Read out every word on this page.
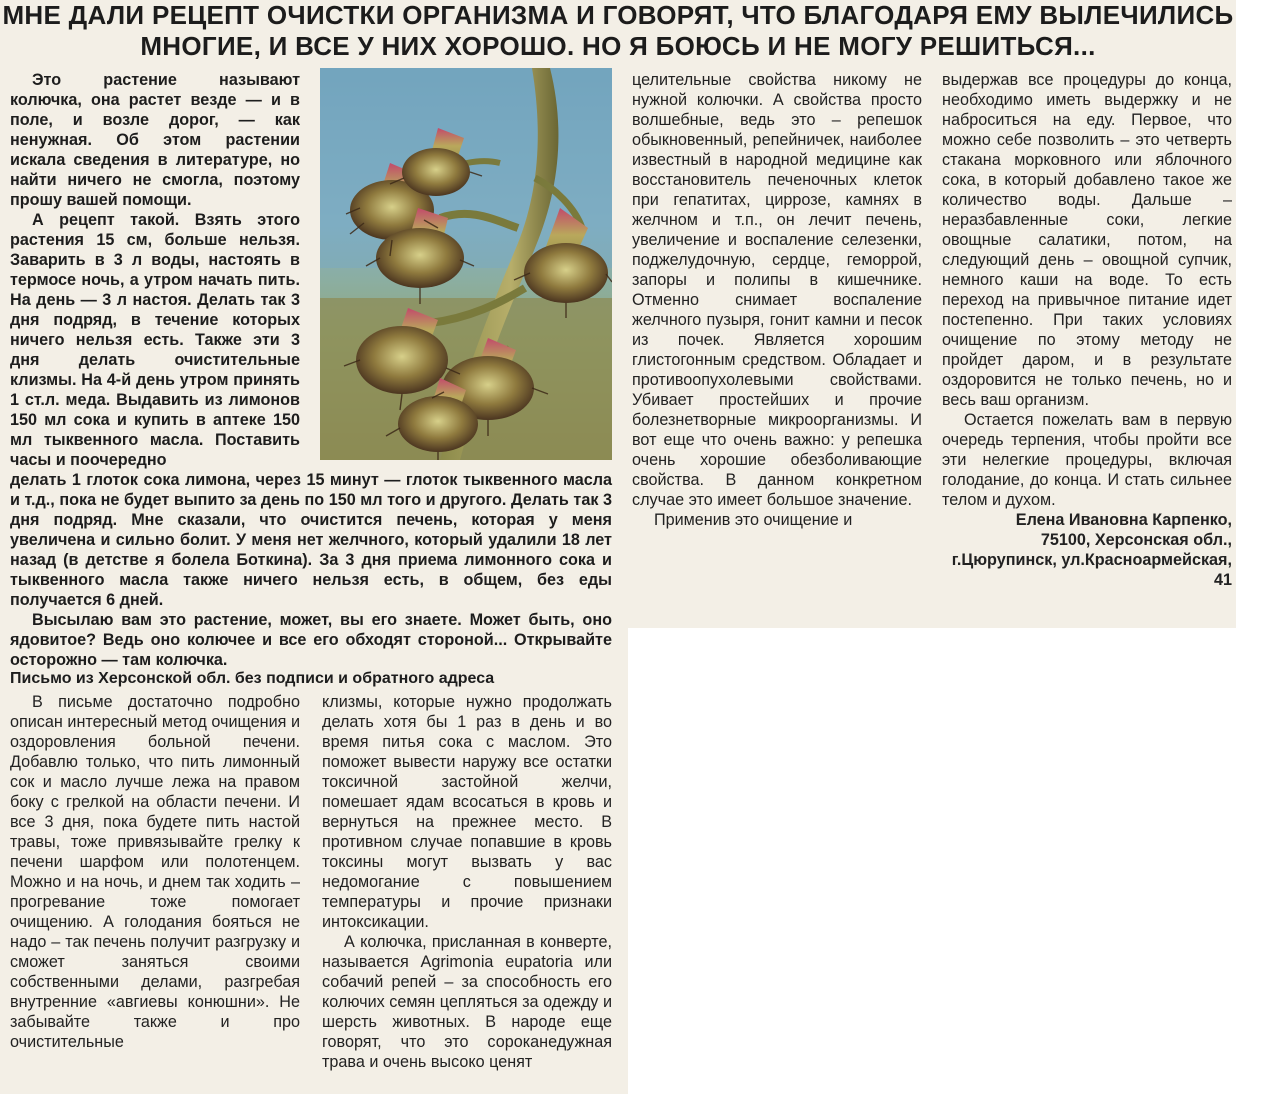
МНЕ ДАЛИ РЕЦЕПТ ОЧИСТКИ ОРГАНИЗМА И ГОВОРЯТ, ЧТО БЛАГОДАРЯ ЕМУ ВЫЛЕЧИЛИСЬ МНОГИЕ, И ВСЕ У НИХ ХОРОШО. НО Я БОЮСЬ И НЕ МОГУ РЕШИТЬСЯ...

Это растение называют колючка, она растет везде — и в поле, и возле дорог, — как ненужная. Об этом растении искала сведения в литературе, но найти ничего не смогла, поэтому прошу вашей помощи.

А рецепт такой. Взять этого растения 15 см, больше нельзя. Заварить в 3 л воды, настоять в термосе ночь, а утром начать пить. На день — 3 л настоя. Делать так 3 дня подряд, в течение которых ничего нельзя есть. Также эти 3 дня делать очистительные клизмы. На 4-й день утром принять 1 ст.л. меда. Выдавить из лимонов 150 мл сока и купить в аптеке 150 мл тыквенного масла. Поставить часы и поочередно

делать 1 глоток сока лимона, через 15 минут — глоток тыквенного масла и т.д., пока не будет выпито за день по 150 мл того и другого. Делать так 3 дня подряд. Мне сказали, что очистится печень, которая у меня увеличена и сильно болит. У меня нет желчного, который удалили 18 лет назад (в детстве я болела Боткина). За 3 дня приема лимонного сока и тыквенного масла также ничего нельзя есть, в общем, без еды получается 6 дней.

Высылаю вам это растение, может, вы его знаете. Может быть, оно ядовитое? Ведь оно колючее и все его обходят стороной... Открывайте осторожно — там колючка.

Письмо из Херсонской обл. без подписи и обратного адреса

В письме достаточно подробно описан интересный метод очищения и оздоровления больной печени. Добавлю только, что пить лимонный сок и масло лучше лежа на правом боку с грелкой на области печени. И все 3 дня, пока будете пить настой травы, тоже привязывайте грелку к печени шарфом или полотенцем. Можно и на ночь, и днем так ходить – прогревание тоже помогает очищению. А голодания бояться не надо – так печень получит разгрузку и сможет заняться своими собственными делами, разгребая внутренние «авгиевы конюшни». Не забывайте также и про очистительные

клизмы, которые нужно продолжать делать хотя бы 1 раз в день и во время питья сока с маслом. Это поможет вывести наружу все остатки токсичной застойной желчи, помешает ядам всосаться в кровь и вернуться на прежнее место. В противном случае попавшие в кровь токсины могут вызвать у вас недомогание с повышением температуры и прочие признаки интоксикации.

А колючка, присланная в конверте, называется Agrimonia eupatoria или собачий репей – за способность его колючих семян цепляться за одежду и шерсть животных. В народе еще говорят, что это сороканедужная трава и очень высоко ценят

целительные свойства никому не нужной колючки. А свойства просто волшебные, ведь это – репешок обыкновенный, репейничек, наиболее известный в народной медицине как восстановитель печеночных клеток при гепатитах, циррозе, камнях в желчном и т.п., он лечит печень, увеличение и воспаление селезенки, поджелудочную, сердце, геморрой, запоры и полипы в кишечнике. Отменно снимает воспаление желчного пузыря, гонит камни и песок из почек. Является хорошим глистогонным средством. Обладает и противоопухолевыми свойствами. Убивает простейших и прочие болезнетворные микроорганизмы. И вот еще что очень важно: у репешка очень хорошие обезболивающие свойства. В данном конкретном случае это имеет большое значение.

Применив это очищение и

выдержав все процедуры до конца, необходимо иметь выдержку и не наброситься на еду. Первое, что можно себе позволить – это четверть стакана морковного или яблочного сока, в который добавлено такое же количество воды. Дальше – неразбавленные соки, легкие овощные салатики, потом, на следующий день – овощной супчик, немного каши на воде. То есть переход на привычное питание идет постепенно. При таких условиях очищение по этому методу не пройдет даром, и в результате оздоровится не только печень, но и весь ваш организм.

Остается пожелать вам в первую очередь терпения, чтобы пройти все эти нелегкие процедуры, включая голодание, до конца. И стать сильнее телом и духом.

Елена Ивановна Карпенко,

75100, Херсонская обл., г.Цюрупинск, ул.Красноармейская, 41
